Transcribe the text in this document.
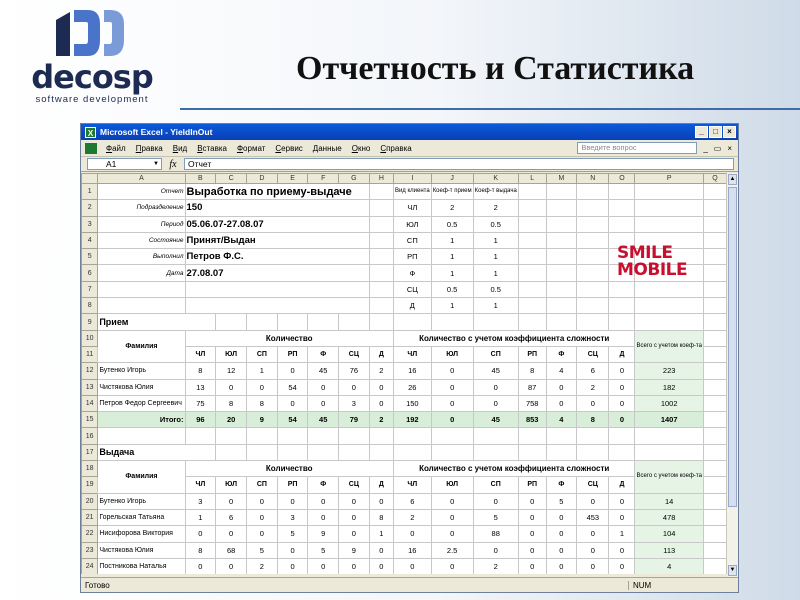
decosp
software development
Отчетность и Статистика
X Microsoft Excel - YieldInOut	_	□	×
Файл	Правка	Вид	Вставка	Формат	Сервис	Данные	Окно	Справка	Введите вопрос	_ ▭ ×
A1	▼	fx	Отчет
	A	B	C	D	E	F	G	H	I	J	K	L	M	N	O	P	Q
1	Отчет	Выработка по приему-выдаче							Вид клиента	Коеф-т прием	Коеф-т выдача						
2	Подразделение	150							ЧЛ	2	2						
3	Период	05.06.07-27.08.07							ЮЛ	0.5	0.5						
4	Состояние	Принят/Выдан							СП	1	1						
5	Выполнил	Петров Ф.С.							РП	1	1						
6	Дата	27.08.07							Ф	1	1						
7									СЦ	0.5	0.5						
8									Д	1	1						
9	Прием																
10	Фамилия	Количество							Количество с учетом коэффициента сложности							Всего с учетом коеф-та	
11		ЧЛ	ЮЛ	СП	РП	Ф	СЦ	Д	ЧЛ	ЮЛ	СП	РП	Ф	СЦ	Д		
12	Бутенко Игорь	8	12	1	0	45	76	2	16	0	45	8	4	6	0	223	
13	Чистякова Юлия	13	0	0	54	0	0	0	26	0	0	87	0	2	0	182	
14	Петров Федор Сергеевич	75	8	8	0	0	3	0	150	0	0	758	0	0	0	1002	
15	Итого:	96	20	9	54	45	79	2	192	0	45	853	4	8	0	1407	
16																	
17	Выдача																
18	Фамилия	Количество							Количество с учетом коэффициента сложности							Всего с учетом коеф-та	
19		ЧЛ	ЮЛ	СП	РП	Ф	СЦ	Д	ЧЛ	ЮЛ	СП	РП	Ф	СЦ	Д		
20	Бутенко Игорь	3	0	0	0	0	0	0	6	0	0	0	5	0	0	14	
21	Горельская Татьяна	1	6	0	3	0	0	8	2	0	5	0	0	453	0	478	
22	Нисифорова Виктория	0	0	0	5	9	0	1	0	0	88	0	0	0	1	104	
23	Чистякова Юлия	8	68	5	0	5	9	0	16	2.5	0	0	0	0	0	113	
24	Постникова Наталья	0	0	2	0	0	0	0	0	0	2	0	0	0	0	4	

SMILE
MOBILE
▲
▼
Готово	NUM
